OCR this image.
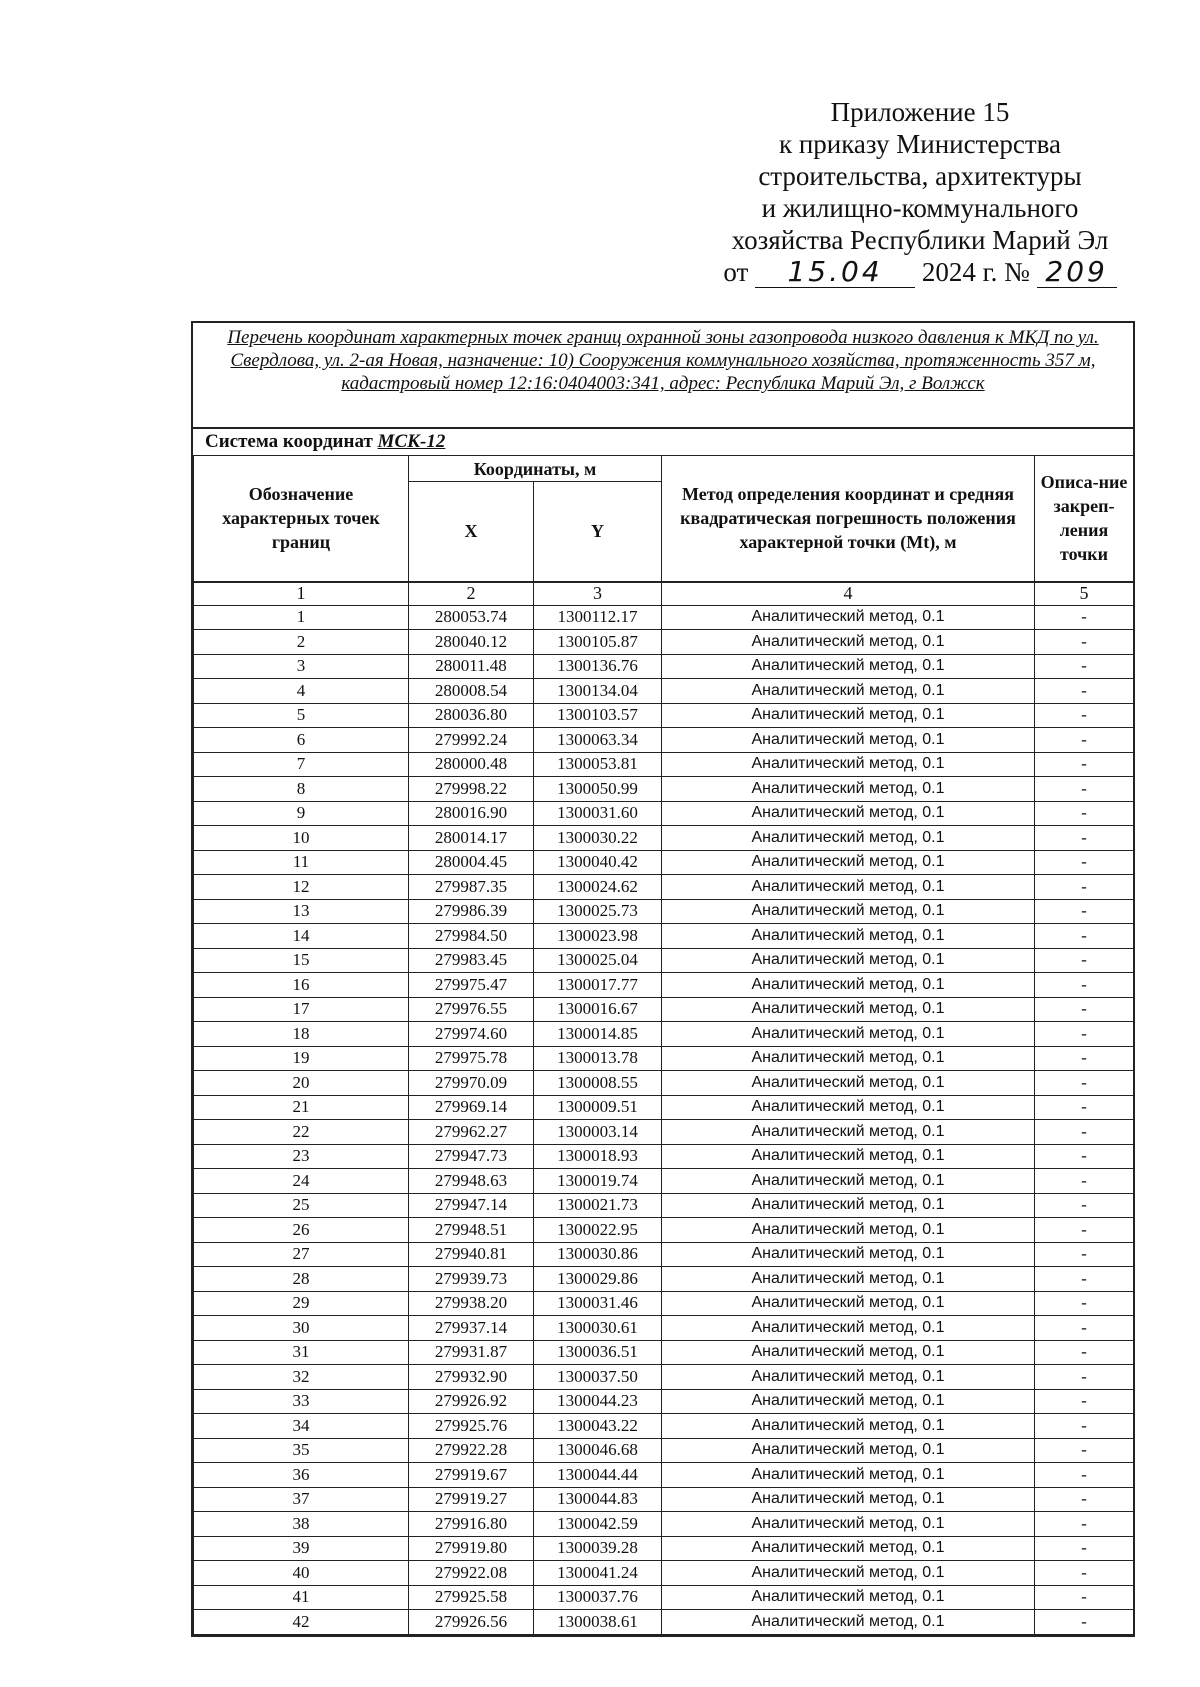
Приложение 15
к приказу Министерства
строительства, архитектуры
и жилищно-коммунального
хозяйства Республики Марий Эл
от 15.04 2024 г. № 209
Перечень координат характерных точек границ охранной зоны газопровода низкого давления к МКД по ул. Свердлова, ул. 2-ая Новая, назначение: 10) Сооружения коммунального хозяйства, протяженность 357 м, кадастровый номер 12:16:0404003:341, адрес: Республика Марий Эл, г Волжск
Система координат МСК-12
Обозначение характерных точек границ	Координаты, м		Метод определения координат и средняя квадратическая погрешность положения характерной точки (Mt), м	Описа-ние закреп-ления точки
	X	Y		
1	2	3	4	5
1	280053.74	1300112.17	Аналитический метод, 0.1	-
2	280040.12	1300105.87	Аналитический метод, 0.1	-
3	280011.48	1300136.76	Аналитический метод, 0.1	-
4	280008.54	1300134.04	Аналитический метод, 0.1	-
5	280036.80	1300103.57	Аналитический метод, 0.1	-
6	279992.24	1300063.34	Аналитический метод, 0.1	-
7	280000.48	1300053.81	Аналитический метод, 0.1	-
8	279998.22	1300050.99	Аналитический метод, 0.1	-
9	280016.90	1300031.60	Аналитический метод, 0.1	-
10	280014.17	1300030.22	Аналитический метод, 0.1	-
11	280004.45	1300040.42	Аналитический метод, 0.1	-
12	279987.35	1300024.62	Аналитический метод, 0.1	-
13	279986.39	1300025.73	Аналитический метод, 0.1	-
14	279984.50	1300023.98	Аналитический метод, 0.1	-
15	279983.45	1300025.04	Аналитический метод, 0.1	-
16	279975.47	1300017.77	Аналитический метод, 0.1	-
17	279976.55	1300016.67	Аналитический метод, 0.1	-
18	279974.60	1300014.85	Аналитический метод, 0.1	-
19	279975.78	1300013.78	Аналитический метод, 0.1	-
20	279970.09	1300008.55	Аналитический метод, 0.1	-
21	279969.14	1300009.51	Аналитический метод, 0.1	-
22	279962.27	1300003.14	Аналитический метод, 0.1	-
23	279947.73	1300018.93	Аналитический метод, 0.1	-
24	279948.63	1300019.74	Аналитический метод, 0.1	-
25	279947.14	1300021.73	Аналитический метод, 0.1	-
26	279948.51	1300022.95	Аналитический метод, 0.1	-
27	279940.81	1300030.86	Аналитический метод, 0.1	-
28	279939.73	1300029.86	Аналитический метод, 0.1	-
29	279938.20	1300031.46	Аналитический метод, 0.1	-
30	279937.14	1300030.61	Аналитический метод, 0.1	-
31	279931.87	1300036.51	Аналитический метод, 0.1	-
32	279932.90	1300037.50	Аналитический метод, 0.1	-
33	279926.92	1300044.23	Аналитический метод, 0.1	-
34	279925.76	1300043.22	Аналитический метод, 0.1	-
35	279922.28	1300046.68	Аналитический метод, 0.1	-
36	279919.67	1300044.44	Аналитический метод, 0.1	-
37	279919.27	1300044.83	Аналитический метод, 0.1	-
38	279916.80	1300042.59	Аналитический метод, 0.1	-
39	279919.80	1300039.28	Аналитический метод, 0.1	-
40	279922.08	1300041.24	Аналитический метод, 0.1	-
41	279925.58	1300037.76	Аналитический метод, 0.1	-
42	279926.56	1300038.61	Аналитический метод, 0.1	-
